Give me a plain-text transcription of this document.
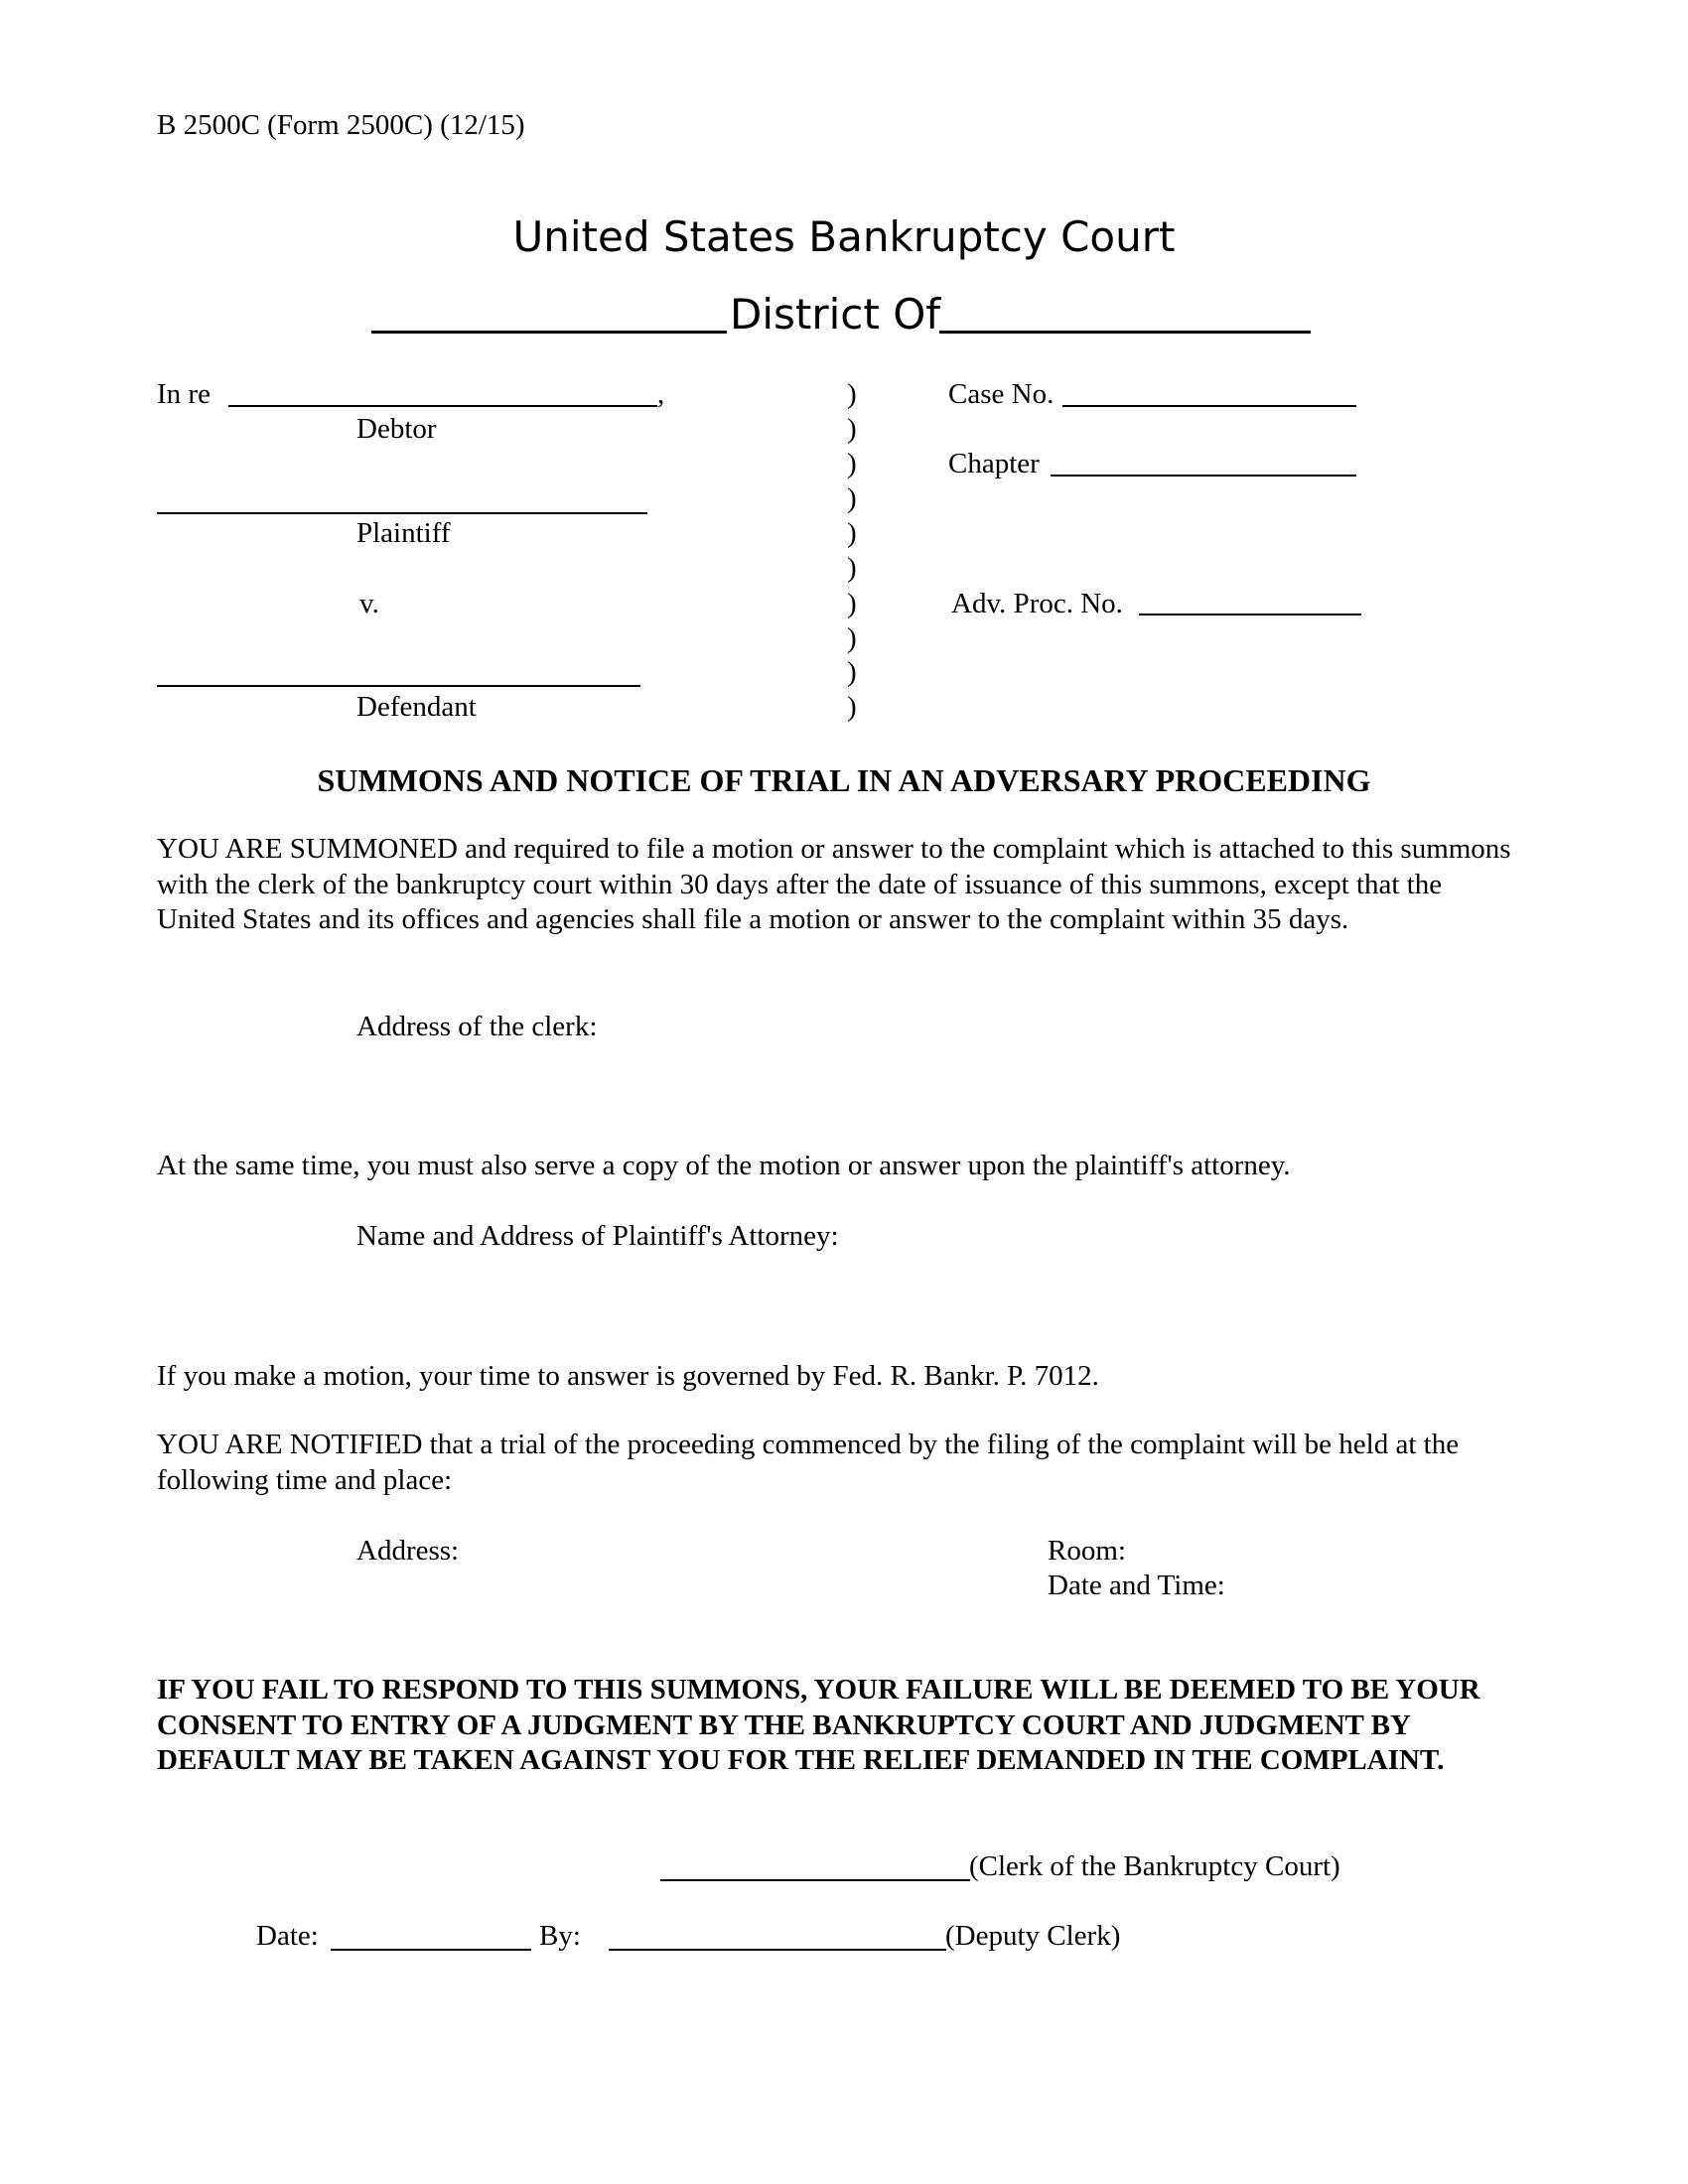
B 2500C (Form 2500C) (12/15)
United States Bankruptcy Court
District Of
In re	,
Debtor
Plaintiff
v.
Defendant
)
)
)
)
)
)
)
)
)
)
Case No.
Chapter
Adv. Proc. No.
SUMMONS AND NOTICE OF TRIAL IN AN ADVERSARY PROCEEDING
YOU ARE SUMMONED and required to file a motion or answer to the complaint which is attached to this summons with the clerk of the bankruptcy court within 30 days after the date of issuance of this summons, except that the United States and its offices and agencies shall file a motion or answer to the complaint within 35 days.
Address of the clerk:
At the same time, you must also serve a copy of the motion or answer upon the plaintiff's attorney.
Name and Address of Plaintiff's Attorney:
If you make a motion, your time to answer is governed by Fed. R. Bankr. P. 7012.
YOU ARE NOTIFIED that a trial of the proceeding commenced by the filing of the complaint will be held at the following time and place:
Address:	Room:
Date and Time:
IF YOU FAIL TO RESPOND TO THIS SUMMONS, YOUR FAILURE WILL BE DEEMED TO BE YOUR CONSENT TO ENTRY OF A JUDGMENT BY THE BANKRUPTCY COURT AND JUDGMENT BY DEFAULT MAY BE TAKEN AGAINST YOU FOR THE RELIEF DEMANDED IN THE COMPLAINT.
(Clerk of the Bankruptcy Court)
Date:	By:	(Deputy Clerk)
